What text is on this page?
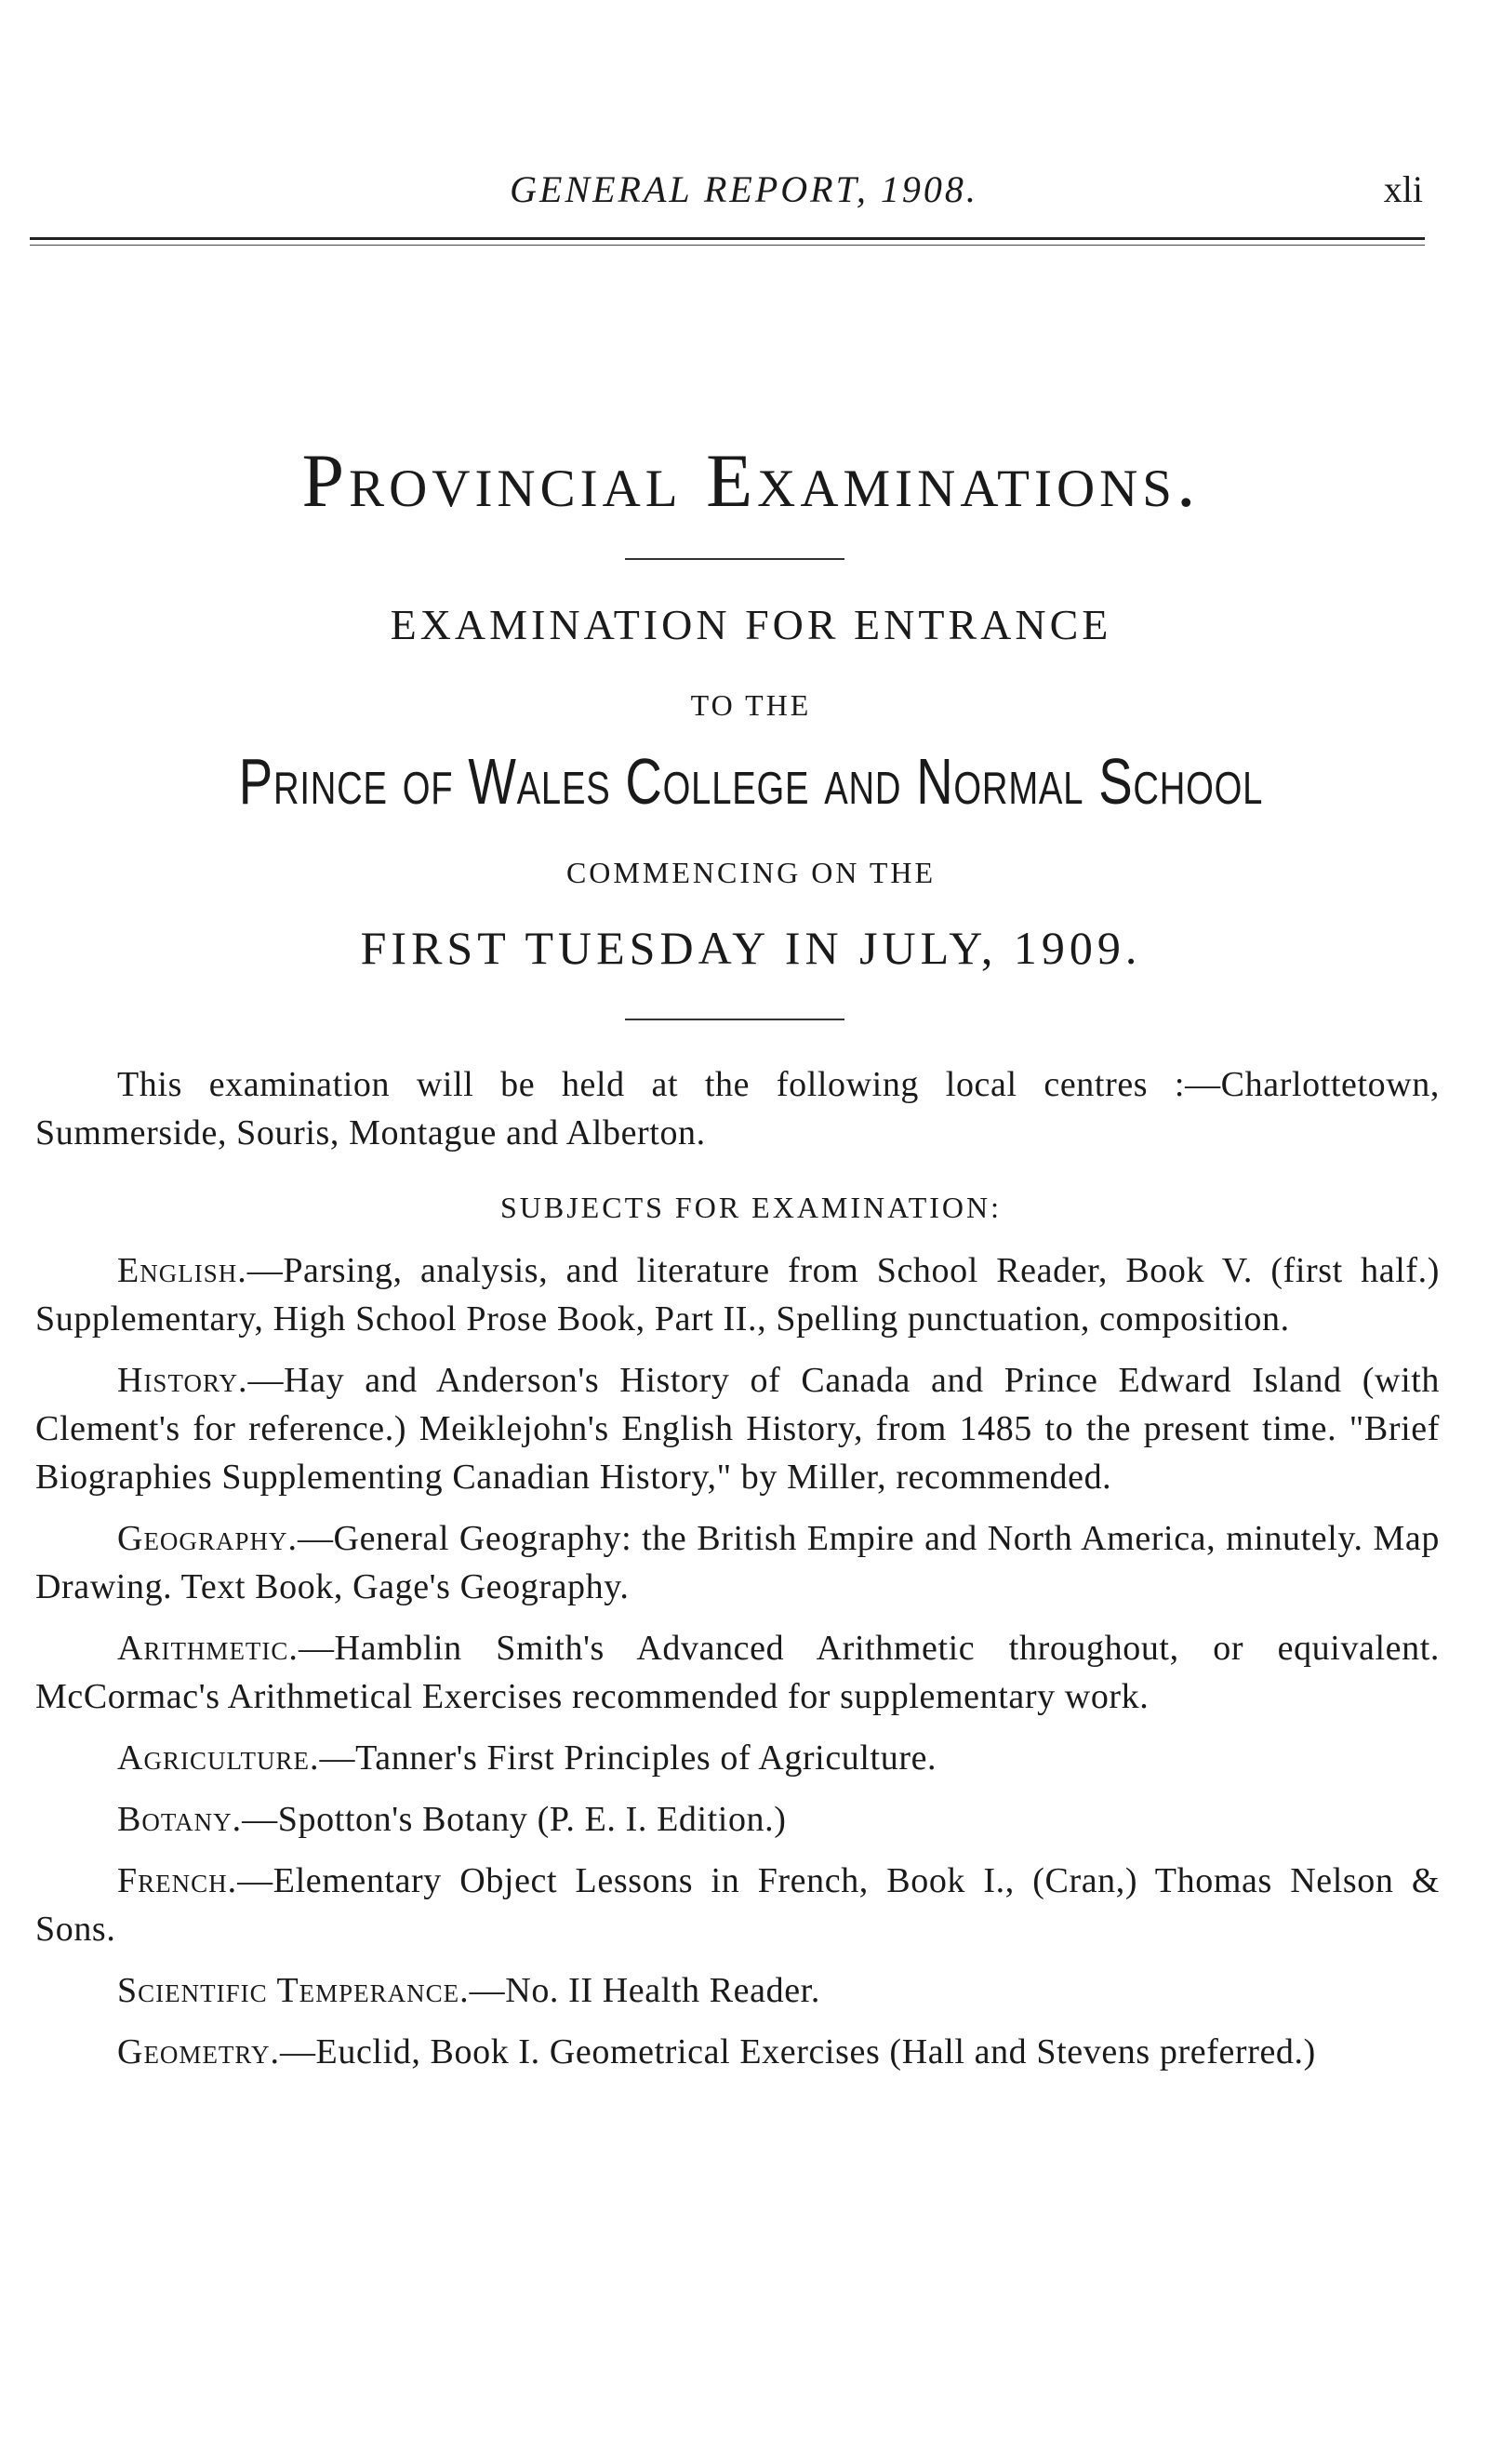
GENERAL REPORT, 1908.	xli
Provincial Examinations.
EXAMINATION FOR ENTRANCE
TO THE
Prince of Wales College and Normal School
COMMENCING ON THE
FIRST TUESDAY IN JULY, 1909.

This examination will be held at the following local centres :—Charlottetown, Summerside, Souris, Montague and Alberton.

SUBJECTS FOR EXAMINATION:

English.—Parsing, analysis, and literature from School Reader, Book V. (first half.) Supplementary, High School Prose Book, Part II., Spelling punctuation, composition.

History.—Hay and Anderson's History of Canada and Prince Edward Island (with Clement's for reference.) Meiklejohn's English History, from 1485 to the present time. "Brief Biographies Supplementing Canadian History," by Miller, recommended.

Geography.—General Geography: the British Empire and North America, minutely. Map Drawing. Text Book, Gage's Geography.

Arithmetic.—Hamblin Smith's Advanced Arithmetic throughout, or equivalent. McCormac's Arithmetical Exercises recommended for supplementary work.

Agriculture.—Tanner's First Principles of Agriculture.

Botany.—Spotton's Botany (P. E. I. Edition.)

French.—Elementary Object Lessons in French, Book I., (Cran,) Thomas Nelson & Sons.

Scientific Temperance.—No. II Health Reader.

Geometry.—Euclid, Book I. Geometrical Exercises (Hall and Stevens preferred.)
